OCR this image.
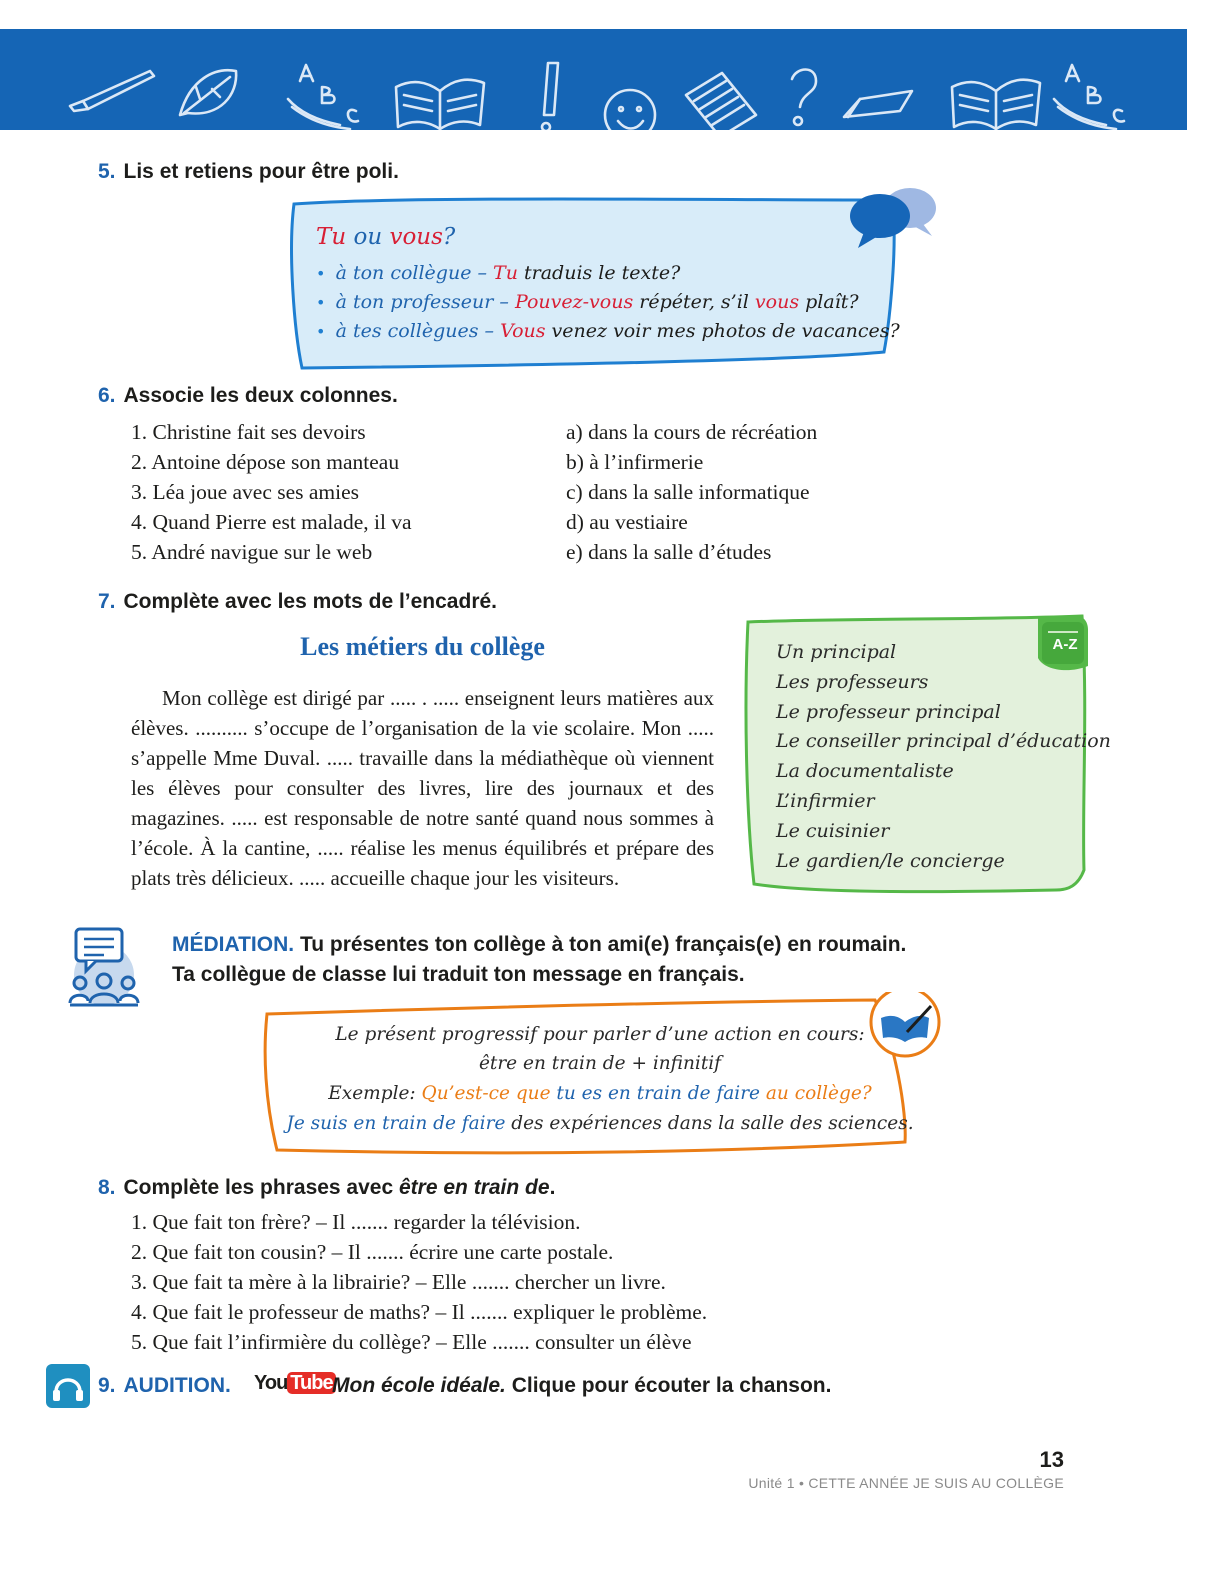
5. Lis et retiens pour être poli.
Tu ou vous?
•  à ton collègue – Tu traduis le texte?
•  à ton professeur – Pouvez-vous répéter, s’il vous plaît?
•  à tes collègues – Vous venez voir mes photos de vacances?
6. Associe les deux colonnes.
1. Christine fait ses devoirs
2. Antoine dépose son manteau
3. Léa joue avec ses amies
4. Quand Pierre est malade, il va
5. André navigue sur le web
a) dans la cours de récréation
b) à l’infirmerie
c) dans la salle informatique
d) au vestiaire
e) dans la salle d’études
7. Complète avec les mots de l’encadré.
Les métiers du collège

Mon collège est dirigé par ..... . ..... enseignent leurs matières aux élèves. .......... s’occupe de l’organisation de la vie scolaire. Mon ..... s’appelle Mme Duval. ..... travaille dans la médiathèque où viennent les élèves pour consulter des livres, lire des journaux et des magazines. ..... est responsable de notre santé quand nous sommes à l’école. À la cantine, ..... réalise les menus équilibrés et prépare des plats très délicieux. ..... accueille chaque jour les visiteurs.

A-Z
Un principal
Les professeurs
Le professeur principal
Le conseiller principal d’éducation
La documentaliste
L’infirmier
Le cuisinier
Le gardien/le concierge
MÉDIATION. Tu présentes ton collège à ton ami(e) français(e) en roumain.
Ta collègue de classe lui traduit ton message en français.
Le présent progressif pour parler d’une action en cours:
être en train de + infinitif
Exemple: Qu’est-ce que tu es en train de faire au collège?
Je suis en train de faire des expériences dans la salle des sciences.
8. Complète les phrases avec être en train de.
1. Que fait ton frère? – Il ....... regarder la télévision.
2. Que fait ton cousin? – Il ....... écrire une carte postale.
3. Que fait ta mère à la librairie? – Elle ....... chercher un livre.
4. Que fait le professeur de maths? – Il ....... expliquer le problème.
5. Que fait l’infirmière du collège? – Elle ....... consulter un élève
9. AUDITION. You Tube Mon école idéale. Clique pour écouter la chanson.
13
Unité 1 • CETTE ANNÉE JE SUIS AU COLLÈGE
